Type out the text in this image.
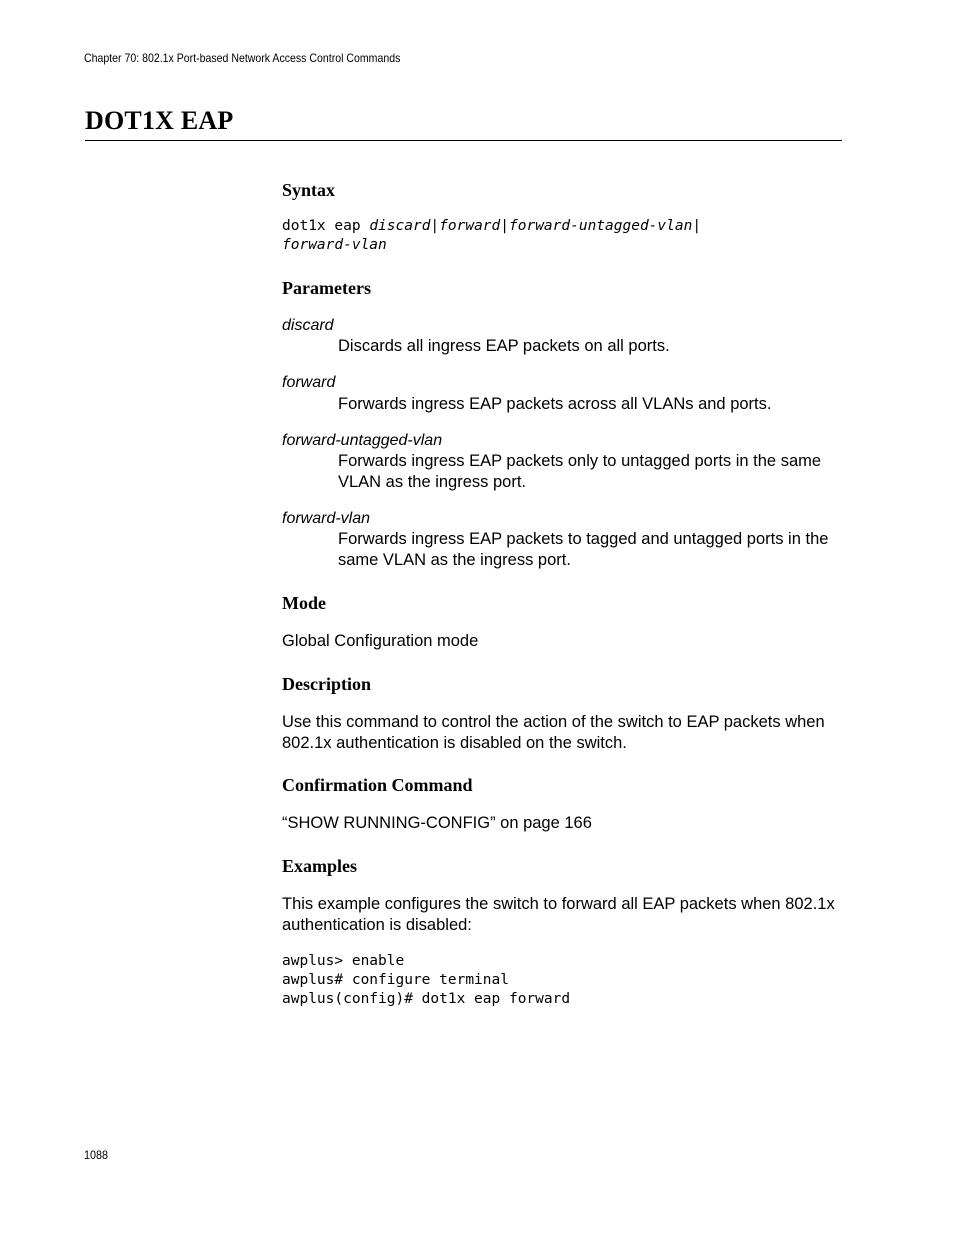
Chapter 70: 802.1x Port-based Network Access Control Commands
DOT1X EAP
Syntax
dot1x eap discard|forward|forward-untagged-vlan|
forward-vlan
Parameters
discard
Discards all ingress EAP packets on all ports.
forward
Forwards ingress EAP packets across all VLANs and ports.
forward-untagged-vlan
Forwards ingress EAP packets only to untagged ports in the same VLAN as the ingress port.
forward-vlan
Forwards ingress EAP packets to tagged and untagged ports in the same VLAN as the ingress port.
Mode
Global Configuration mode
Description
Use this command to control the action of the switch to EAP packets when 802.1x authentication is disabled on the switch.
Confirmation Command
“SHOW RUNNING-CONFIG” on page 166
Examples
This example configures the switch to forward all EAP packets when 802.1x authentication is disabled:
awplus> enable
awplus# configure terminal
awplus(config)# dot1x eap forward
1088
